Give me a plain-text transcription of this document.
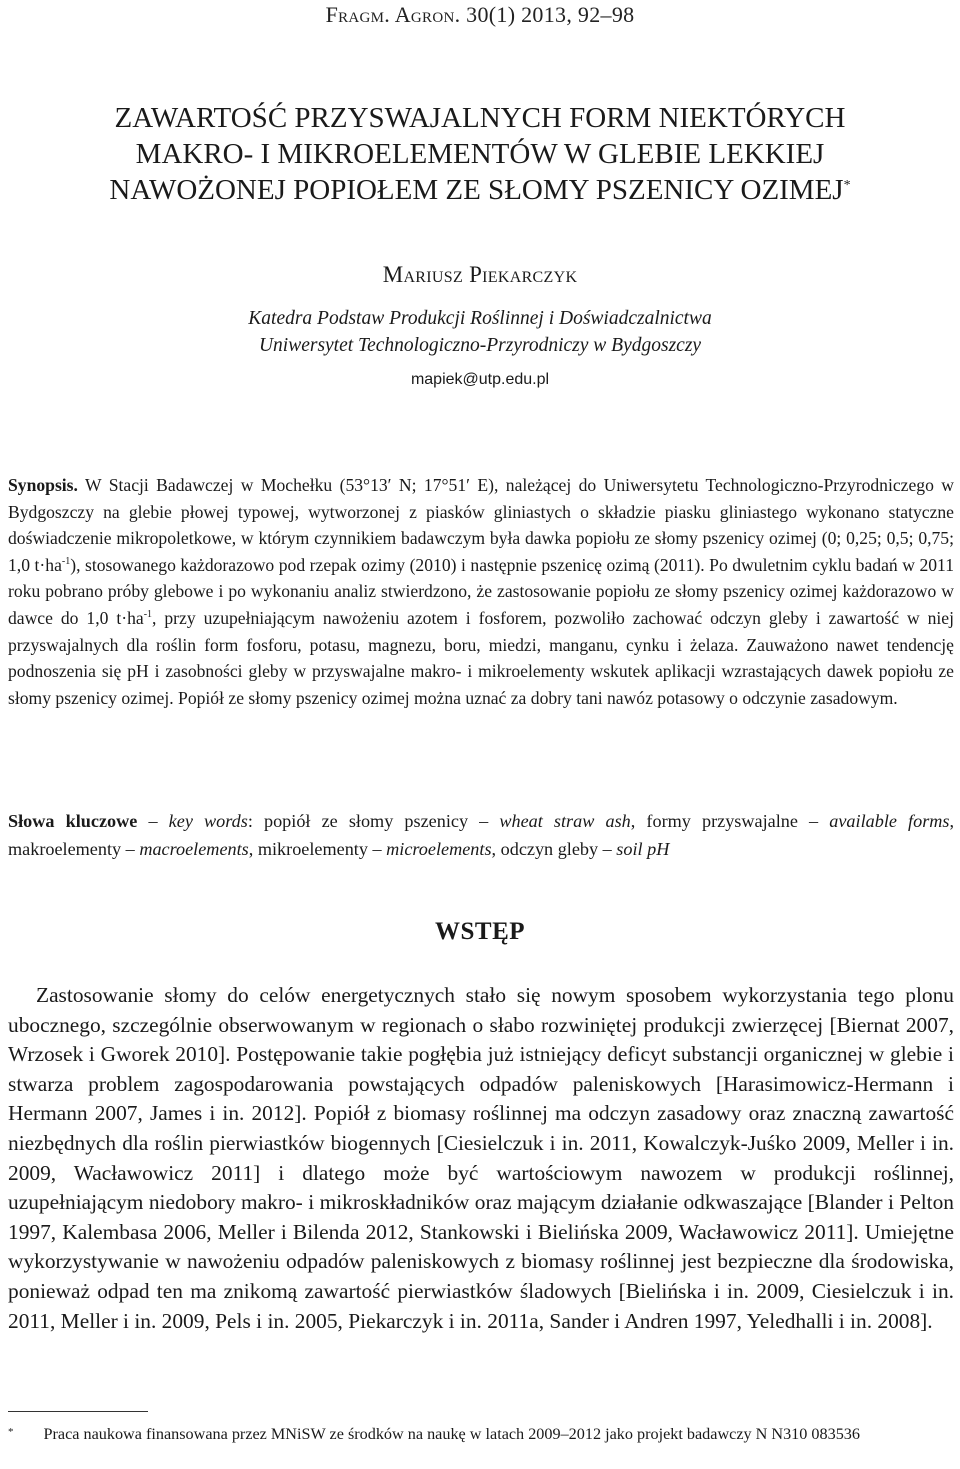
Fragm. Agron. 30(1) 2013, 92–98
ZAWARTOŚĆ PRZYSWAJALNYCH FORM NIEKTÓRYCH
MAKRO- I MIKROELEMENTÓW W GLEBIE LEKKIEJ
NAWOŻONEJ POPIOŁEM ZE SŁOMY PSZENICY OZIMEJ*
Mariusz Piekarczyk
Katedra Podstaw Produkcji Roślinnej i Doświadczalnictwa
Uniwersytet Technologiczno-Przyrodniczy w Bydgoszczy
mapiek@utp.edu.pl
Synopsis. W Stacji Badawczej w Mochełku (53°13′ N; 17°51′ E), należącej do Uniwersytetu Technologiczno-Przyrodniczego w Bydgoszczy na glebie płowej typowej, wytworzonej z piasków gliniastych o składzie piasku gliniastego wykonano statyczne doświadczenie mikropoletkowe, w którym czynnikiem badawczym była dawka popiołu ze słomy pszenicy ozimej (0; 0,25; 0,5; 0,75; 1,0 $t\cdot ha^{-1}$), stosowanego każdorazowo pod rzepak ozimy (2010) i następnie pszenicę ozimą (2011). Po dwuletnim cyklu badań w 2011 roku pobrano próby glebowe i po wykonaniu analiz stwierdzono, że zastosowanie popiołu ze słomy pszenicy ozimej każdorazowo w dawce do 1,0 $t\cdot ha^{-1}$, przy uzupełniającym nawożeniu azotem i fosforem, pozwoliło zachować odczyn gleby i zawartość w niej przyswajalnych dla roślin form fosforu, potasu, magnezu, boru, miedzi, manganu, cynku i żelaza. Zauważono nawet tendencję podnoszenia się pH i zasobności gleby w przyswajalne makro- i mikroelementy wskutek aplikacji wzrastających dawek popiołu ze słomy pszenicy ozimej. Popiół ze słomy pszenicy ozimej można uznać za dobry tani nawóz potasowy o odczynie zasadowym.
Słowa kluczowe – key words: popiół ze słomy pszenicy – wheat straw ash, formy przyswajalne – available forms, makroelementy – macroelements, mikroelementy – microelements, odczyn gleby – soil pH
WSTĘP
Zastosowanie słomy do celów energetycznych stało się nowym sposobem wykorzystania tego plonu ubocznego, szczególnie obserwowanym w regionach o słabo rozwiniętej produkcji zwierzęcej [Biernat 2007, Wrzosek i Gworek 2010]. Postępowanie takie pogłębia już istniejący deficyt substancji organicznej w glebie i stwarza problem zagospodarowania powstających odpadów paleniskowych [Harasimowicz-Hermann i Hermann 2007, James i in. 2012]. Popiół z biomasy roślinnej ma odczyn zasadowy oraz znaczną zawartość niezbędnych dla roślin pierwiastków biogennych [Ciesielczuk i in. 2011, Kowalczyk-Juśko 2009, Meller i in. 2009, Wacławowicz 2011] i dlatego może być wartościowym nawozem w produkcji roślinnej, uzupełniającym niedobory makro- i mikroskładników oraz mającym działanie odkwaszające [Blander i Pelton 1997, Kalembasa 2006, Meller i Bilenda 2012, Stankowski i Bielińska 2009, Wacławowicz 2011]. Umiejętne wykorzystywanie w nawożeniu odpadów paleniskowych z biomasy roślinnej jest bezpieczne dla środowiska, ponieważ odpad ten ma znikomą zawartość pierwiastków śladowych [Bielińska i in. 2009, Ciesielczuk i in. 2011, Meller i in. 2009, Pels i in. 2005, Piekarczyk i in. 2011a, Sander i Andren 1997, Yeledhalli i in. 2008].
* Praca naukowa finansowana przez MNiSW ze środków na naukę w latach 2009–2012 jako projekt badawczy N N310 083536
